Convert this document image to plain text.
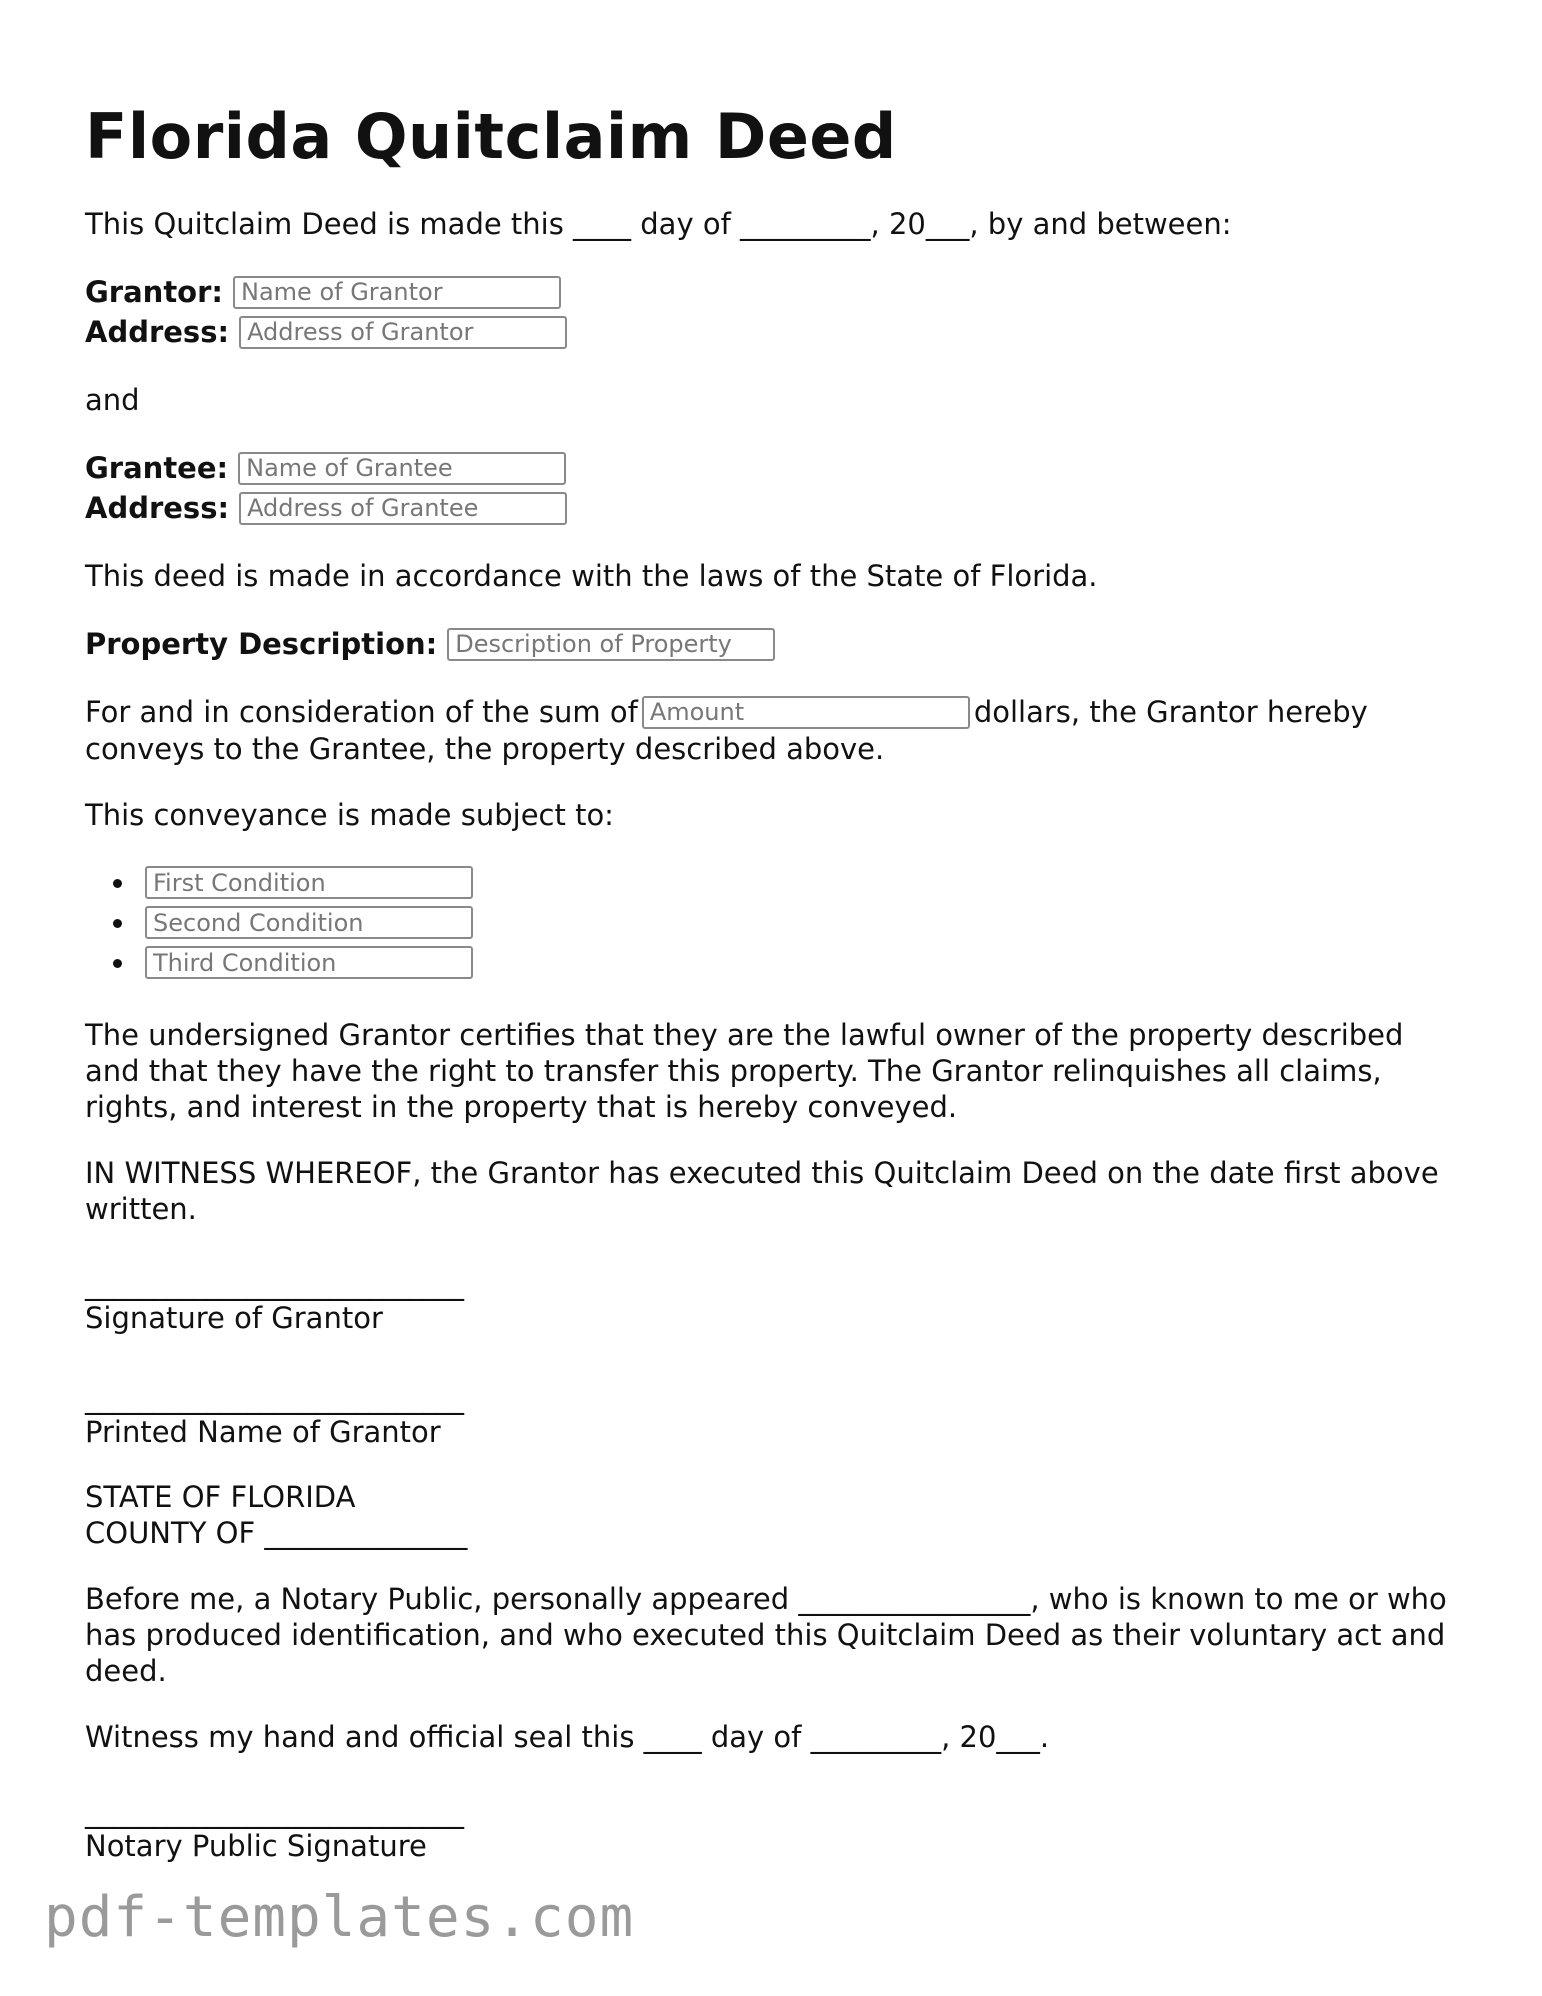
Florida Quitclaim Deed

This Quitclaim Deed is made this ____ day of _________, 20___, by and between:

Grantor:
Name of Grantor
Address:
Address of Grantor

and

Grantee:
Name of Grantee
Address:
Address of Grantee

This deed is made in accordance with the laws of the State of Florida.

Property Description:
Description of Property

For and in consideration of the sum ofAmount	dollars, the Grantor hereby conveys to the Grantee, the property described above.

This conveyance is made subject to:

First Condition
Second Condition
Third Condition

The undersigned Grantor certifies that they are the lawful owner of the property described and that they have the right to transfer this property. The Grantor relinquishes all claims, rights, and interest in the property that is hereby conveyed.

IN WITNESS WHEREOF, the Grantor has executed this Quitclaim Deed on the date first above written.

____________________________
Signature of Grantor
____________________________
Printed Name of Grantor

STATE OF FLORIDA
COUNTY OF ______________

Before me, a Notary Public, personally appeared ________________, who is known to me or who has produced identification, and who executed this Quitclaim Deed as their voluntary act and deed.

Witness my hand and official seal this ____ day of _________, 20___.

____________________________
Notary Public Signature
pdf-templates.com
